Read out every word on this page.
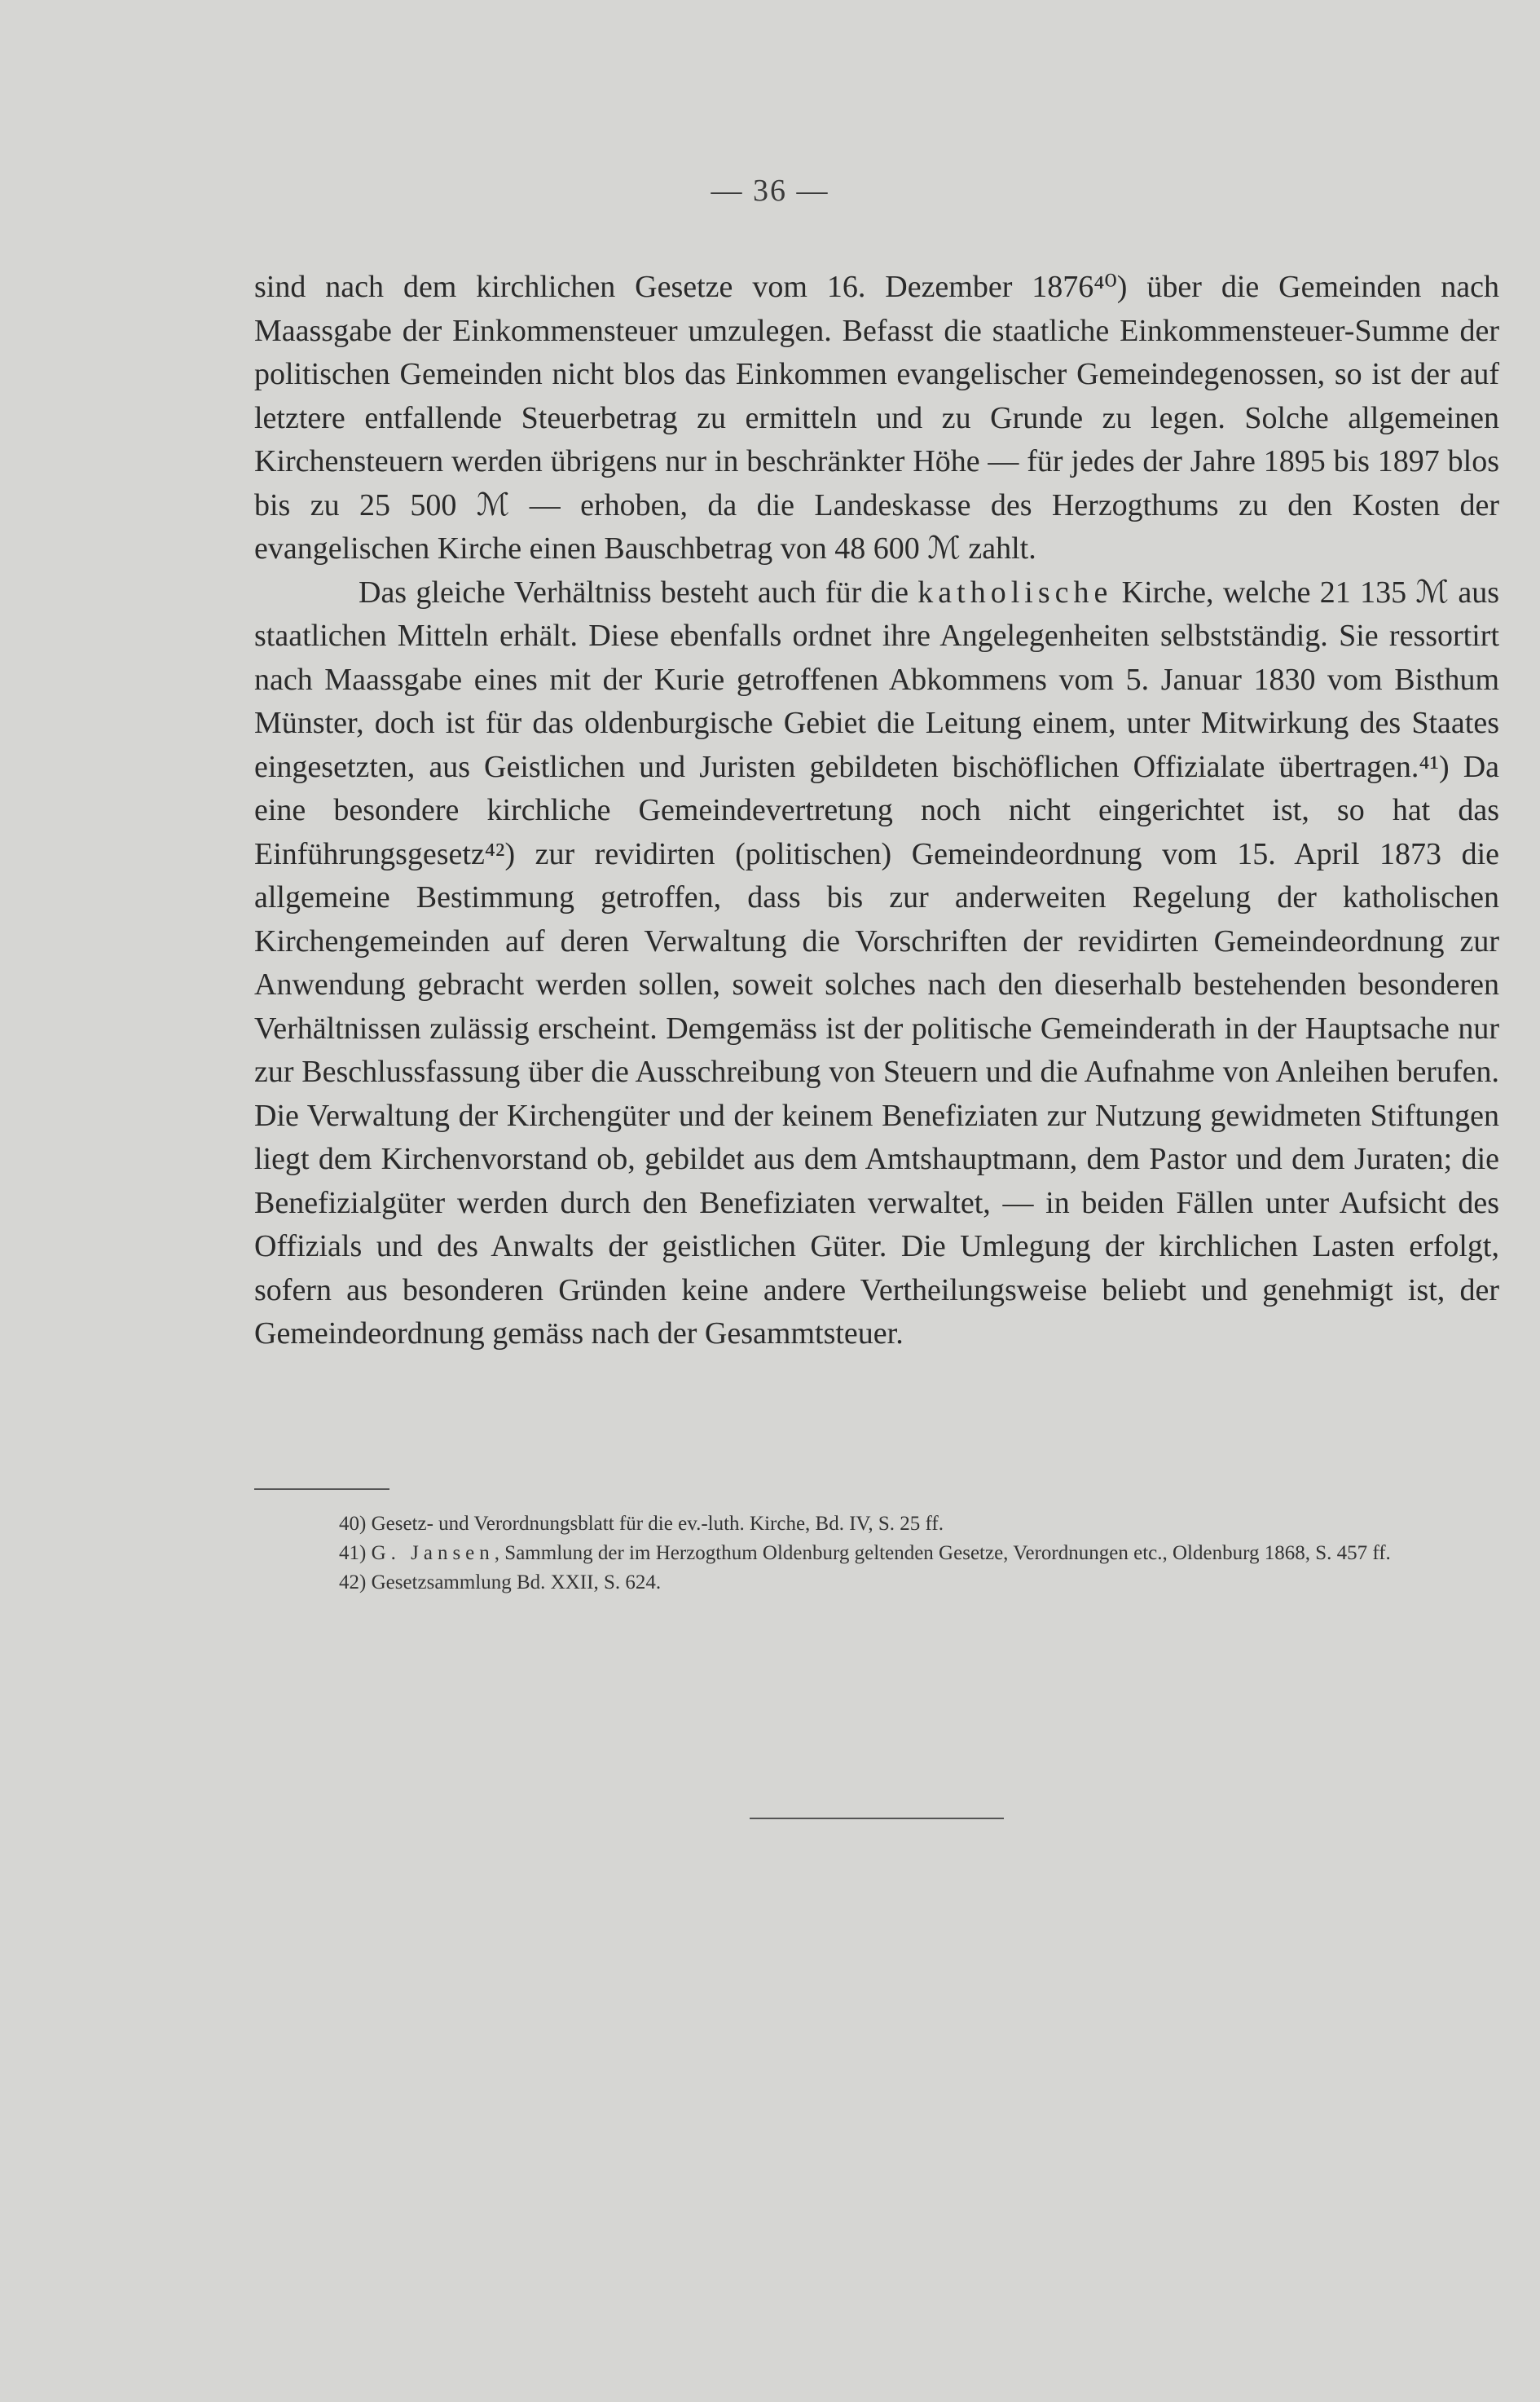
— 36 —

sind nach dem kirchlichen Gesetze vom 16. Dezember 1876⁴⁰) über die Gemeinden nach Maassgabe der Einkommensteuer umzulegen. Befasst die staatliche Einkommensteuer-Summe der politischen Gemeinden nicht blos das Einkommen evangelischer Gemeindegenossen, so ist der auf letztere entfallende Steuerbetrag zu ermitteln und zu Grunde zu legen. Solche allgemeinen Kirchensteuern werden übrigens nur in beschränkter Höhe — für jedes der Jahre 1895 bis 1897 blos bis zu 25 500 ℳ — erhoben, da die Landeskasse des Herzogthums zu den Kosten der evangelischen Kirche einen Bauschbetrag von 48 600 ℳ zahlt.

Das gleiche Verhältniss besteht auch für die katholische Kirche, welche 21 135 ℳ aus staatlichen Mitteln erhält. Diese ebenfalls ordnet ihre Angelegenheiten selbstständig. Sie ressortirt nach Maassgabe eines mit der Kurie getroffenen Abkommens vom 5. Januar 1830 vom Bisthum Münster, doch ist für das oldenburgische Gebiet die Leitung einem, unter Mitwirkung des Staates eingesetzten, aus Geistlichen und Juristen gebildeten bischöflichen Offizialate übertragen.⁴¹) Da eine besondere kirchliche Gemeindevertretung noch nicht eingerichtet ist, so hat das Einführungsgesetz⁴²) zur revidirten (politischen) Gemeindeordnung vom 15. April 1873 die allgemeine Bestimmung getroffen, dass bis zur anderweiten Regelung der katholischen Kirchengemeinden auf deren Verwaltung die Vorschriften der revidirten Gemeindeordnung zur Anwendung gebracht werden sollen, soweit solches nach den dieserhalb bestehenden besonderen Verhältnissen zulässig erscheint. Demgemäss ist der politische Gemeinderath in der Hauptsache nur zur Beschlussfassung über die Ausschreibung von Steuern und die Aufnahme von Anleihen berufen. Die Verwaltung der Kirchengüter und der keinem Benefiziaten zur Nutzung gewidmeten Stiftungen liegt dem Kirchenvorstand ob, gebildet aus dem Amtshauptmann, dem Pastor und dem Juraten; die Benefizialgüter werden durch den Benefiziaten verwaltet, — in beiden Fällen unter Aufsicht des Offizials und des Anwalts der geistlichen Güter. Die Umlegung der kirchlichen Lasten erfolgt, sofern aus besonderen Gründen keine andere Vertheilungsweise beliebt und genehmigt ist, der Gemeindeordnung gemäss nach der Gesammtsteuer.

40) Gesetz- und Verordnungsblatt für die ev.-luth. Kirche, Bd. IV, S. 25 ff.

41) G. Jansen, Sammlung der im Herzogthum Oldenburg geltenden Gesetze, Verordnungen etc., Oldenburg 1868, S. 457 ff.

42) Gesetzsammlung Bd. XXII, S. 624.
